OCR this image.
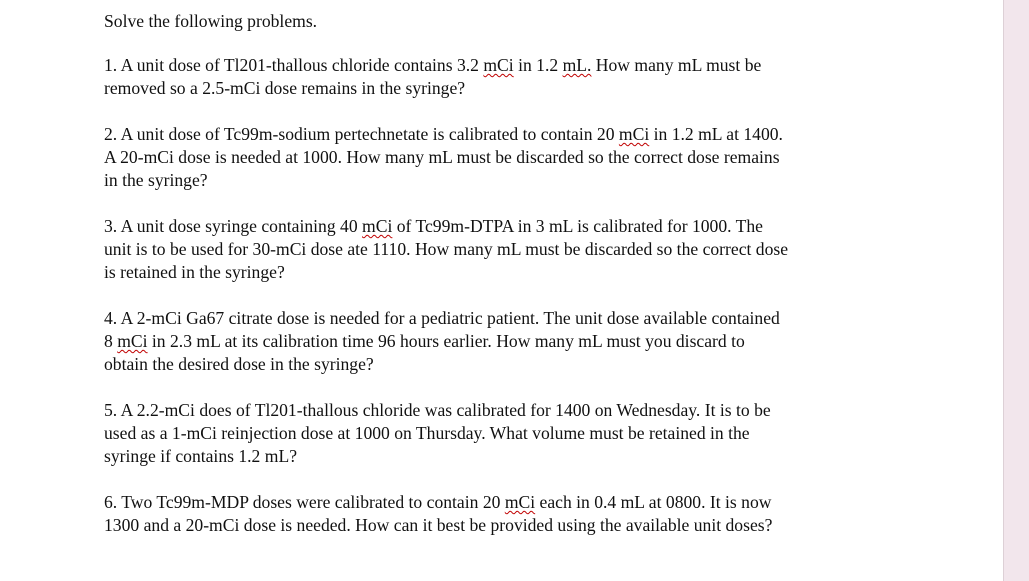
Solve the following problems.
1. A unit dose of Tl201-thallous chloride contains 3.2 mCi in 1.2 mL. How many mL must be
removed so a 2.5-mCi dose remains in the syringe?
2. A unit dose of Tc99m-sodium pertechnetate is calibrated to contain 20 mCi in 1.2 mL at 1400.
A 20-mCi dose is needed at 1000. How many mL must be discarded so the correct dose remains
in the syringe?
3. A unit dose syringe containing 40 mCi of Tc99m-DTPA in 3 mL is calibrated for 1000. The
unit is to be used for 30-mCi dose ate 1110. How many mL must be discarded so the correct dose
is retained in the syringe?
4. A 2-mCi Ga67 citrate dose is needed for a pediatric patient. The unit dose available contained
8 mCi in 2.3 mL at its calibration time 96 hours earlier. How many mL must you discard to
obtain the desired dose in the syringe?
5. A 2.2-mCi does of Tl201-thallous chloride was calibrated for 1400 on Wednesday. It is to be
used as a 1-mCi reinjection dose at 1000 on Thursday. What volume must be retained in the
syringe if contains 1.2 mL?
6. Two Tc99m-MDP doses were calibrated to contain 20 mCi each in 0.4 mL at 0800. It is now
1300 and a 20-mCi dose is needed. How can it best be provided using the available unit doses?
